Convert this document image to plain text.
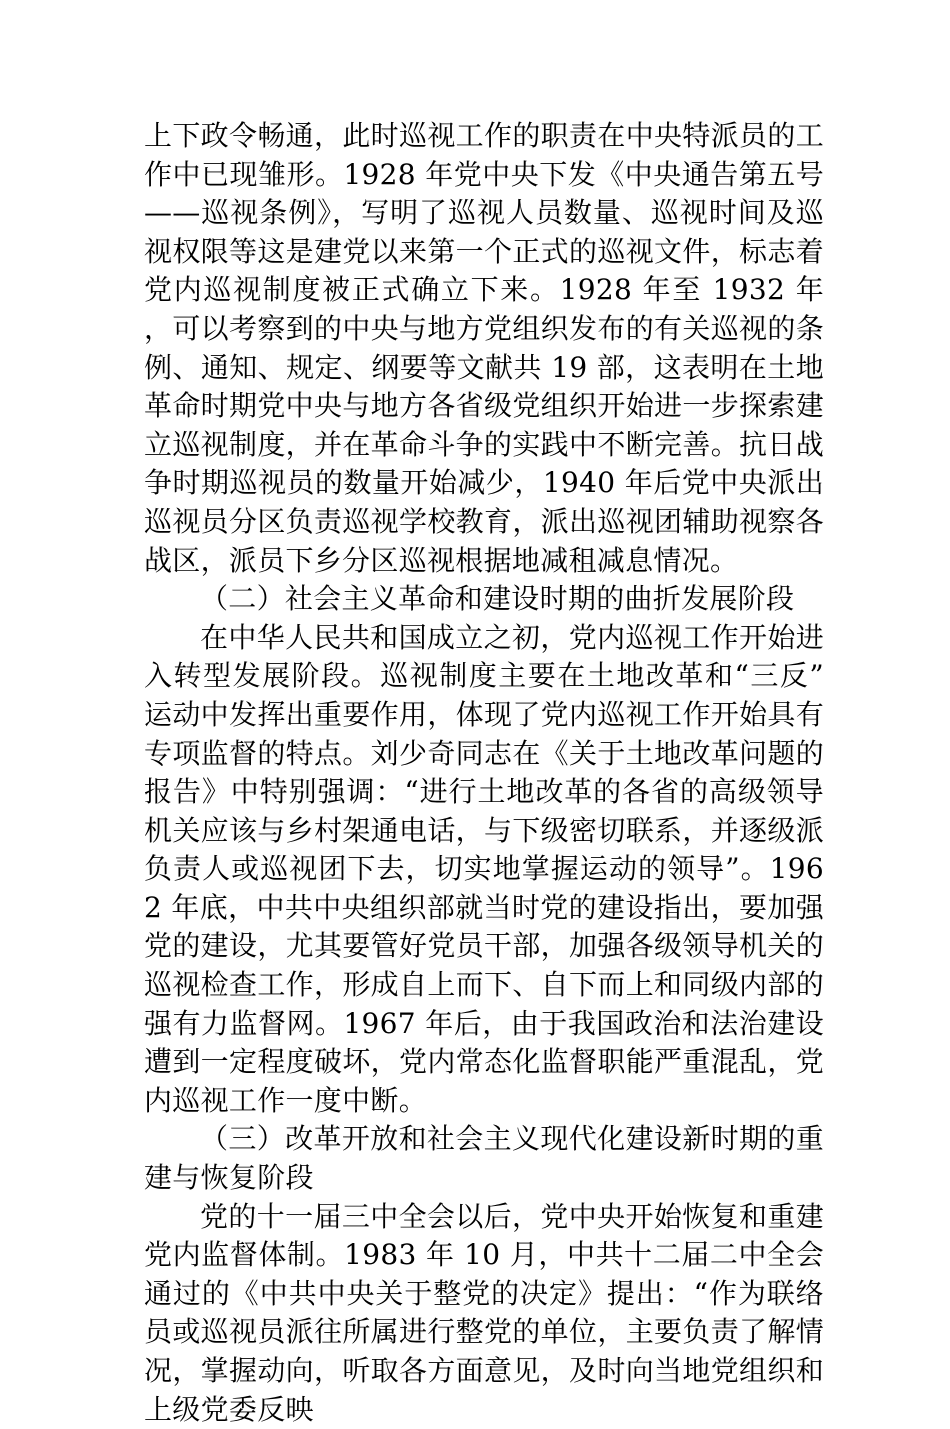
上下政令畅通，此时巡视工作的职责在中央特派员的工作中已现雏形。1928 年党中央下发《中央通告第五号——巡视条例》，写明了巡视人员数量、巡视时间及巡视权限等这是建党以来第一个正式的巡视文件，标志着党内巡视制度被正式确立下来。1928 年至 1932 年，可以考察到的中央与地方党组织发布的有关巡视的条例、通知、规定、纲要等文献共 19 部，这表明在土地革命时期党中央与地方各省级党组织开始进一步探索建立巡视制度，并在革命斗争的实践中不断完善。抗日战争时期巡视员的数量开始减少，1940 年后党中央派出巡视员分区负责巡视学校教育，派出巡视团辅助视察各战区，派员下乡分区巡视根据地减租减息情况。

（二）社会主义革命和建设时期的曲折发展阶段

在中华人民共和国成立之初，党内巡视工作开始进入转型发展阶段。巡视制度主要在土地改革和“三反”运动中发挥出重要作用，体现了党内巡视工作开始具有专项监督的特点。刘少奇同志在《关于土地改革问题的报告》中特别强调：“进行土地改革的各省的高级领导机关应该与乡村架通电话，与下级密切联系，并逐级派负责人或巡视团下去，切实地掌握运动的领导”。1962 年底，中共中央组织部就当时党的建设指出，要加强党的建设，尤其要管好党员干部，加强各级领导机关的巡视检查工作，形成自上而下、自下而上和同级内部的强有力监督网。1967 年后，由于我国政治和法治建设遭到一定程度破坏，党内常态化监督职能严重混乱，党内巡视工作一度中断。

（三）改革开放和社会主义现代化建设新时期的重建与恢复阶段

党的十一届三中全会以后，党中央开始恢复和重建党内监督体制。1983 年 10 月，中共十二届二中全会通过的《中共中央关于整党的决定》提出：“作为联络员或巡视员派往所属进行整党的单位，主要负责了解情况，掌握动向，听取各方面意见，及时向当地党组织和上级党委反映
